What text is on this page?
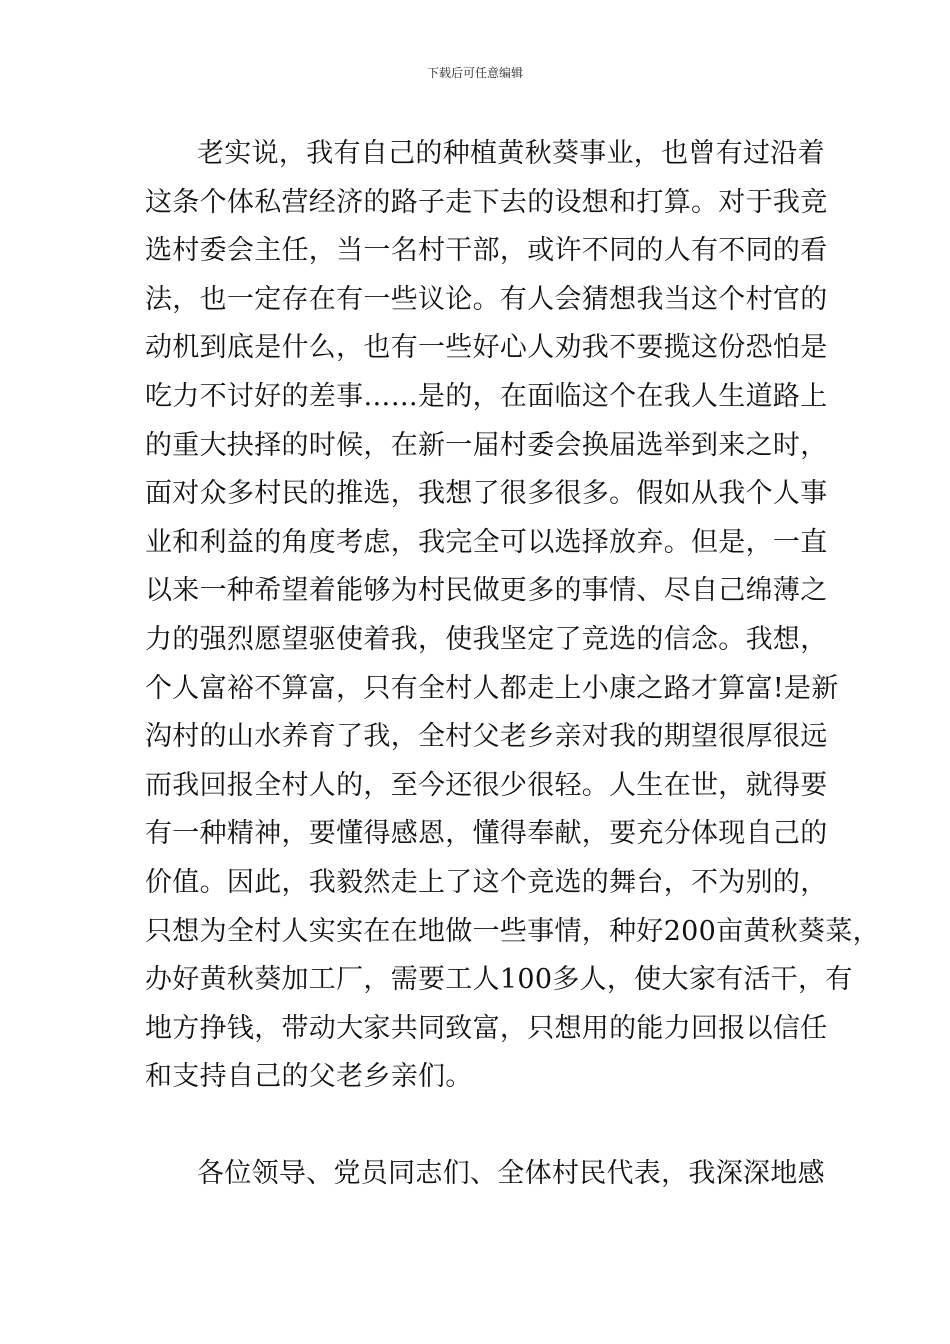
下载后可任意编辑
老实说，我有自己的种植黄秋葵事业，也曾有过沿着
这条个体私营经济的路子走下去的设想和打算。对于我竞
选村委会主任，当一名村干部，或许不同的人有不同的看
法，也一定存在有一些议论。有人会猜想我当这个村官的
动机到底是什么，也有一些好心人劝我不要揽这份恐怕是
吃力不讨好的差事……是的，在面临这个在我人生道路上
的重大抉择的时候，在新一届村委会换届选举到来之时，
面对众多村民的推选，我想了很多很多。假如从我个人事
业和利益的角度考虑，我完全可以选择放弃。但是，一直
以来一种希望着能够为村民做更多的事情、尽自己绵薄之
力的强烈愿望驱使着我，使我坚定了竞选的信念。我想，
个人富裕不算富，只有全村人都走上小康之路才算富!是新
沟村的山水养育了我，全村父老乡亲对我的期望很厚很远
而我回报全村人的，至今还很少很轻。人生在世，就得要
有一种精神，要懂得感恩，懂得奉献，要充分体现自己的
价值。因此，我毅然走上了这个竞选的舞台，不为别的，
只想为全村人实实在在地做一些事情，种好200亩黄秋葵菜，
办好黄秋葵加工厂，需要工人100多人，使大家有活干，有
地方挣钱，带动大家共同致富，只想用的能力回报以信任
和支持自己的父老乡亲们。
各位领导、党员同志们、全体村民代表，我深深地感
